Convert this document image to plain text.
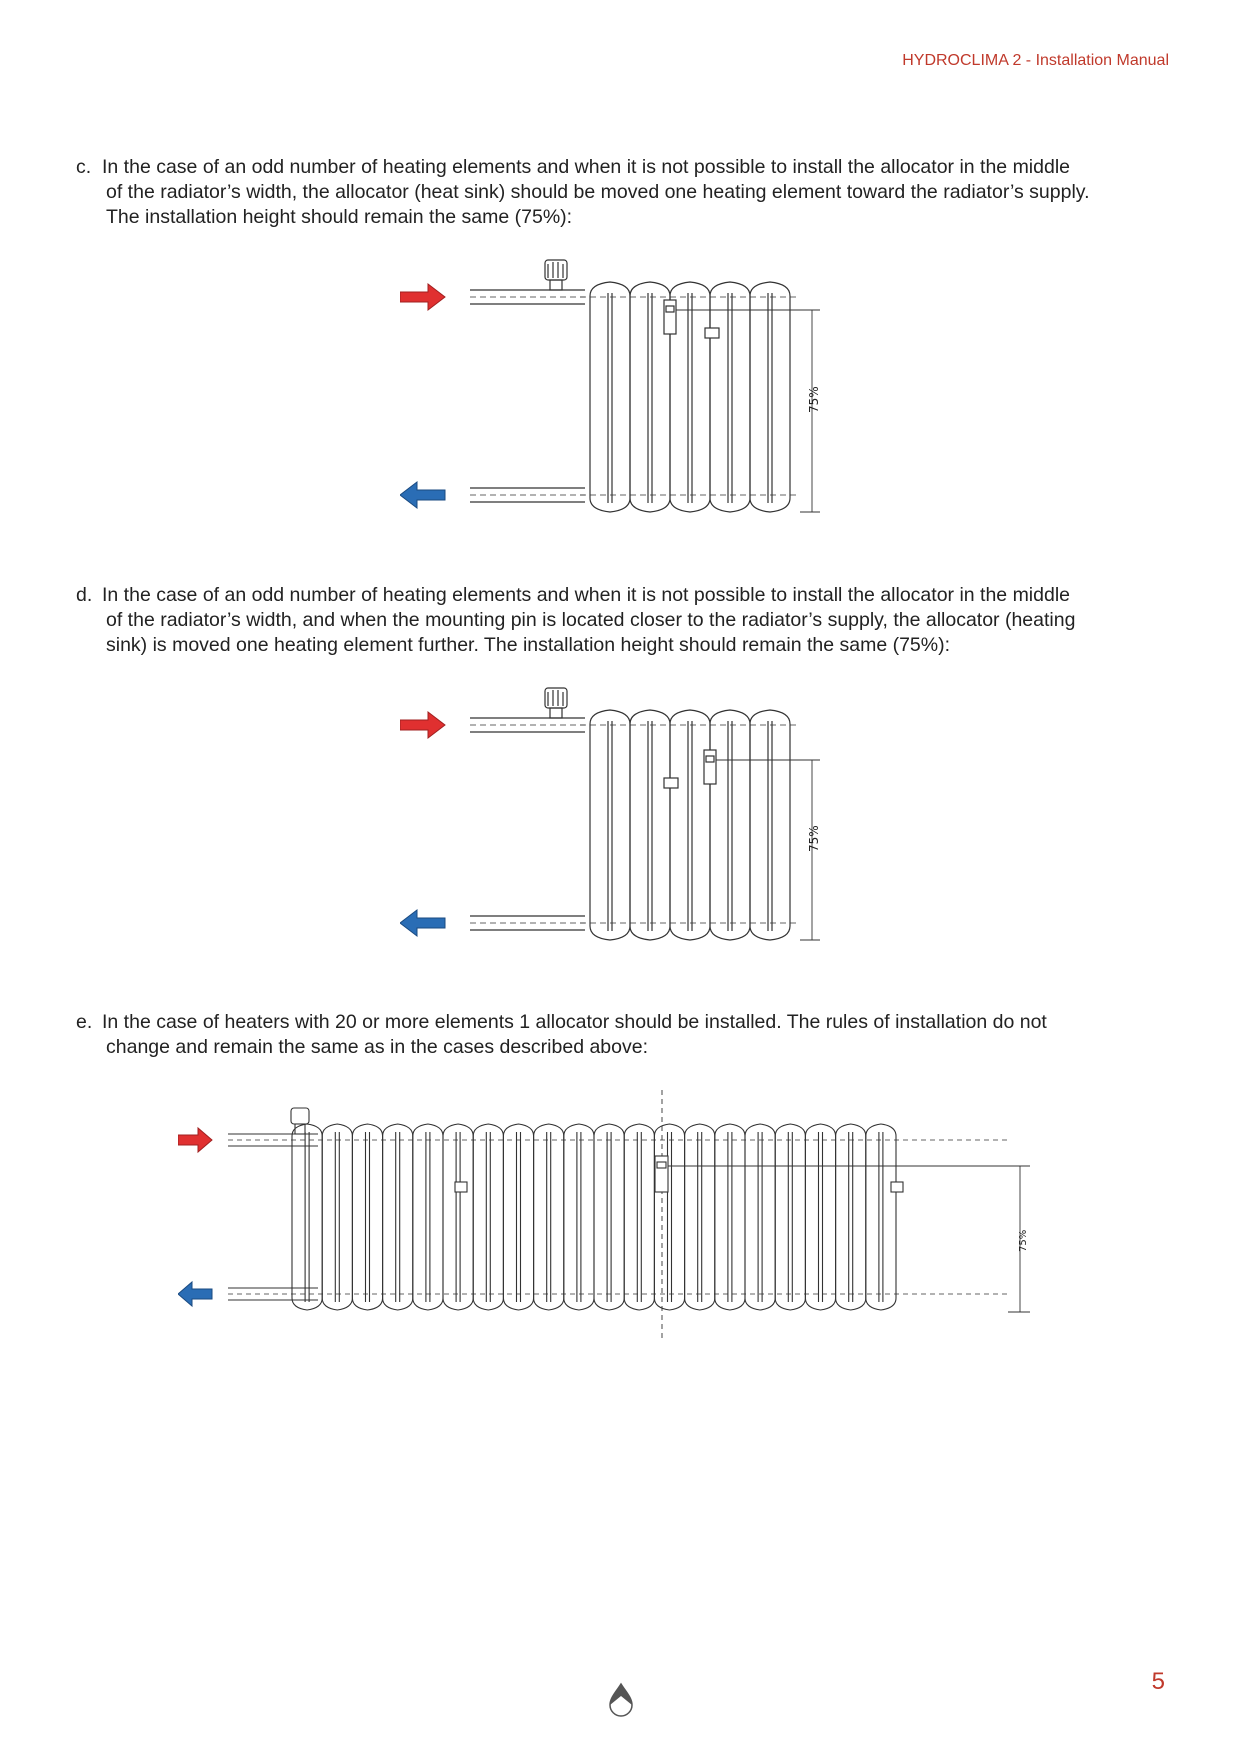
HYDROCLIMA 2 - Installation Manual
c. In the case of an odd number of heating elements and when it is not possible to install the allocator in the middle
of the radiator’s width, the allocator (heat sink) should be moved one heating element toward the radiator’s supply.
The installation height should remain the same (75%):
75%
d. In the case of an odd number of heating elements and when it is not possible to install the allocator in the middle
of the radiator’s width, and when the mounting pin is located closer to the radiator’s supply, the allocator (heating
sink) is moved one heating element further. The installation height should remain the same (75%):
75%
e. In the case of heaters with 20 or more elements 1 allocator should be installed. The rules of installation do not
change and remain the same as in the cases described above:
75%
5
